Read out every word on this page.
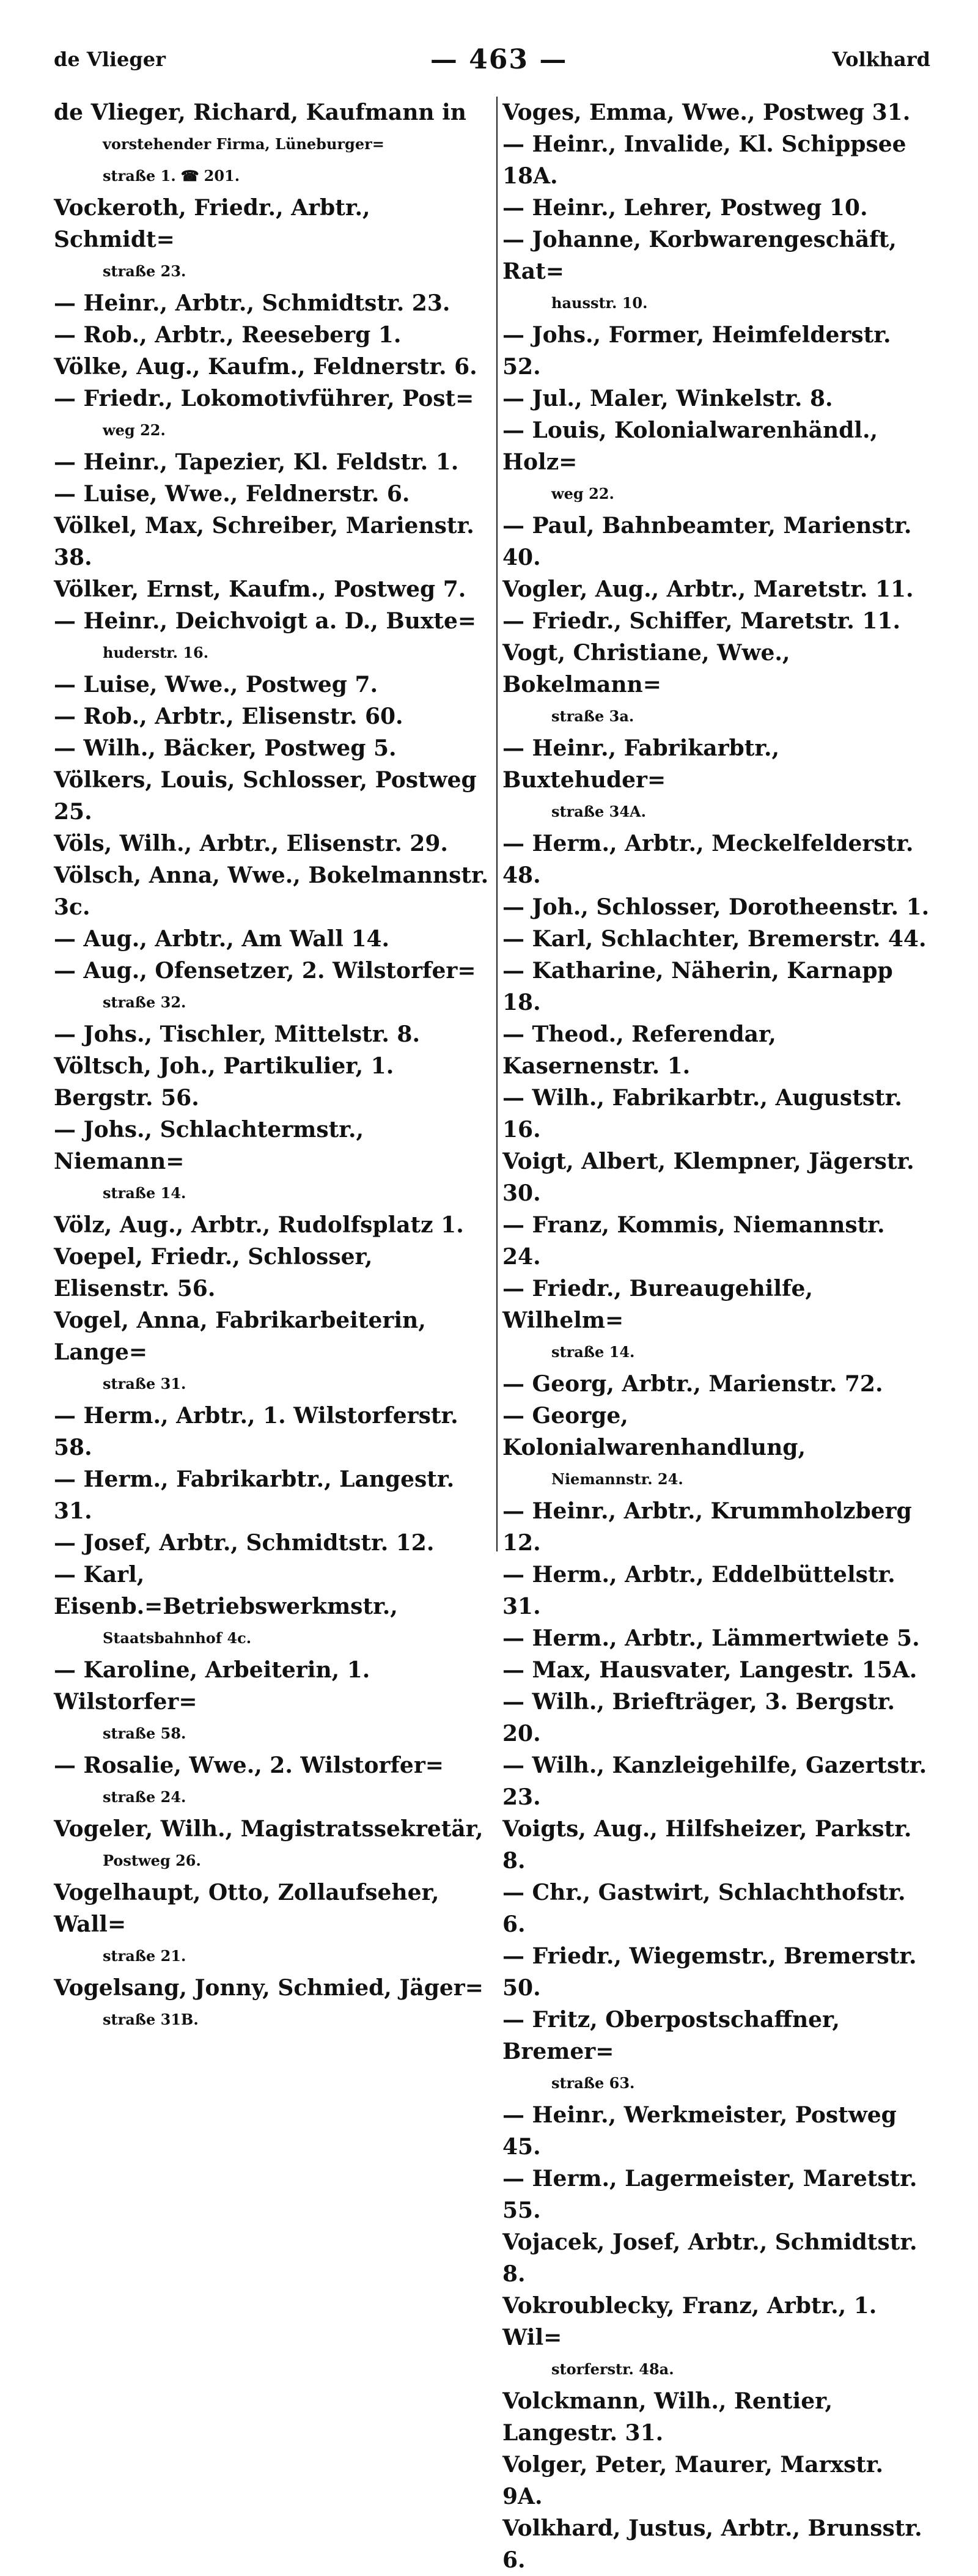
de Vlieger	— 463 —	Volkhard
de Vlieger, Richard, Kaufmann in
vorstehender Firma, Lüneburger=
straße 1. ☎ 201.
Vockeroth, Friedr., Arbtr., Schmidt=
straße 23.
— Heinr., Arbtr., Schmidtstr. 23.
— Rob., Arbtr., Reeseberg 1.
Völke, Aug., Kaufm., Feldnerstr. 6.
— Friedr., Lokomotivführer, Post=
weg 22.
— Heinr., Tapezier, Kl. Feldstr. 1.
— Luise, Wwe., Feldnerstr. 6.
Völkel, Max, Schreiber, Marienstr. 38.
Völker, Ernst, Kaufm., Postweg 7.
— Heinr., Deichvoigt a. D., Buxte=
huderstr. 16.
— Luise, Wwe., Postweg 7.
— Rob., Arbtr., Elisenstr. 60.
— Wilh., Bäcker, Postweg 5.
Völkers, Louis, Schlosser, Postweg 25.
Völs, Wilh., Arbtr., Elisenstr. 29.
Völsch, Anna, Wwe., Bokelmannstr. 3c.
— Aug., Arbtr., Am Wall 14.
— Aug., Ofensetzer, 2. Wilstorfer=
straße 32.
— Johs., Tischler, Mittelstr. 8.
Völtsch, Joh., Partikulier, 1. Bergstr. 56.
— Johs., Schlachtermstr., Niemann=
straße 14.
Völz, Aug., Arbtr., Rudolfsplatz 1.
Voepel, Friedr., Schlosser, Elisenstr. 56.
Vogel, Anna, Fabrikarbeiterin, Lange=
straße 31.
— Herm., Arbtr., 1. Wilstorferstr. 58.
— Herm., Fabrikarbtr., Langestr. 31.
— Josef, Arbtr., Schmidtstr. 12.
— Karl, Eisenb.=Betriebswerkmstr.,
Staatsbahnhof 4c.
— Karoline, Arbeiterin, 1. Wilstorfer=
straße 58.
— Rosalie, Wwe., 2. Wilstorfer=
straße 24.
Vogeler, Wilh., Magistratssekretär,
Postweg 26.
Vogelhaupt, Otto, Zollaufseher, Wall=
straße 21.
Vogelsang, Jonny, Schmied, Jäger=
straße 31B.
Voges, Emma, Wwe., Postweg 31.
— Heinr., Invalide, Kl. Schippsee 18A.
— Heinr., Lehrer, Postweg 10.
— Johanne, Korbwarengeschäft, Rat=
hausstr. 10.
— Johs., Former, Heimfelderstr. 52.
— Jul., Maler, Winkelstr. 8.
— Louis, Kolonialwarenhändl., Holz=
weg 22.
— Paul, Bahnbeamter, Marienstr. 40.
Vogler, Aug., Arbtr., Maretstr. 11.
— Friedr., Schiffer, Maretstr. 11.
Vogt, Christiane, Wwe., Bokelmann=
straße 3a.
— Heinr., Fabrikarbtr., Buxtehuder=
straße 34A.
— Herm., Arbtr., Meckelfelderstr. 48.
— Joh., Schlosser, Dorotheenstr. 1.
— Karl, Schlachter, Bremerstr. 44.
— Katharine, Näherin, Karnapp 18.
— Theod., Referendar, Kasernenstr. 1.
— Wilh., Fabrikarbtr., Auguststr. 16.
Voigt, Albert, Klempner, Jägerstr. 30.
— Franz, Kommis, Niemannstr. 24.
— Friedr., Bureaugehilfe, Wilhelm=
straße 14.
— Georg, Arbtr., Marienstr. 72.
— George, Kolonialwarenhandlung,
Niemannstr. 24.
— Heinr., Arbtr., Krummholzberg 12.
— Herm., Arbtr., Eddelbüttelstr. 31.
— Herm., Arbtr., Lämmertwiete 5.
— Max, Hausvater, Langestr. 15A.
— Wilh., Briefträger, 3. Bergstr. 20.
— Wilh., Kanzleigehilfe, Gazertstr. 23.
Voigts, Aug., Hilfsheizer, Parkstr. 8.
— Chr., Gastwirt, Schlachthofstr. 6.
— Friedr., Wiegemstr., Bremerstr. 50.
— Fritz, Oberpostschaffner, Bremer=
straße 63.
— Heinr., Werkmeister, Postweg 45.
— Herm., Lagermeister, Maretstr. 55.
Vojacek, Josef, Arbtr., Schmidtstr. 8.
Vokroublecky, Franz, Arbtr., 1. Wil=
storferstr. 48a.
Volckmann, Wilh., Rentier, Langestr. 31.
Volger, Peter, Maurer, Marxstr. 9A.
Volkhard, Justus, Arbtr., Brunsstr. 6.
